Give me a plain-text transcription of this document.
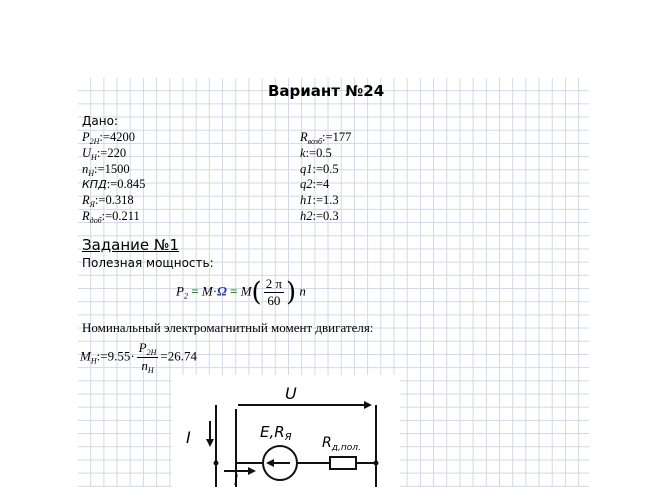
Вариант №24
Дано:
$P_{2H}:=4200$
$U_H:=220$
$n_H:=1500$
КПД:=0.845
$R_Я:=0.318$
$R_{доб}:=0.211$
$R_{возб}:=177$
k:=0.5
q1:=0.5
q2:=4
h1:=1.3
h2:=0.3
Задание №1
Полезная мощность:
$P_2 = M\cdot\Omega = M( \frac{2 \pi}{60}$ ) n
Номинальный электромагнитный момент двигателя:
$M_H:=9.55\cdot \frac{P_{2H}}{n_H} =26.74$
U
I	$E,R_Я$ $R_{д,пол.}$
I
